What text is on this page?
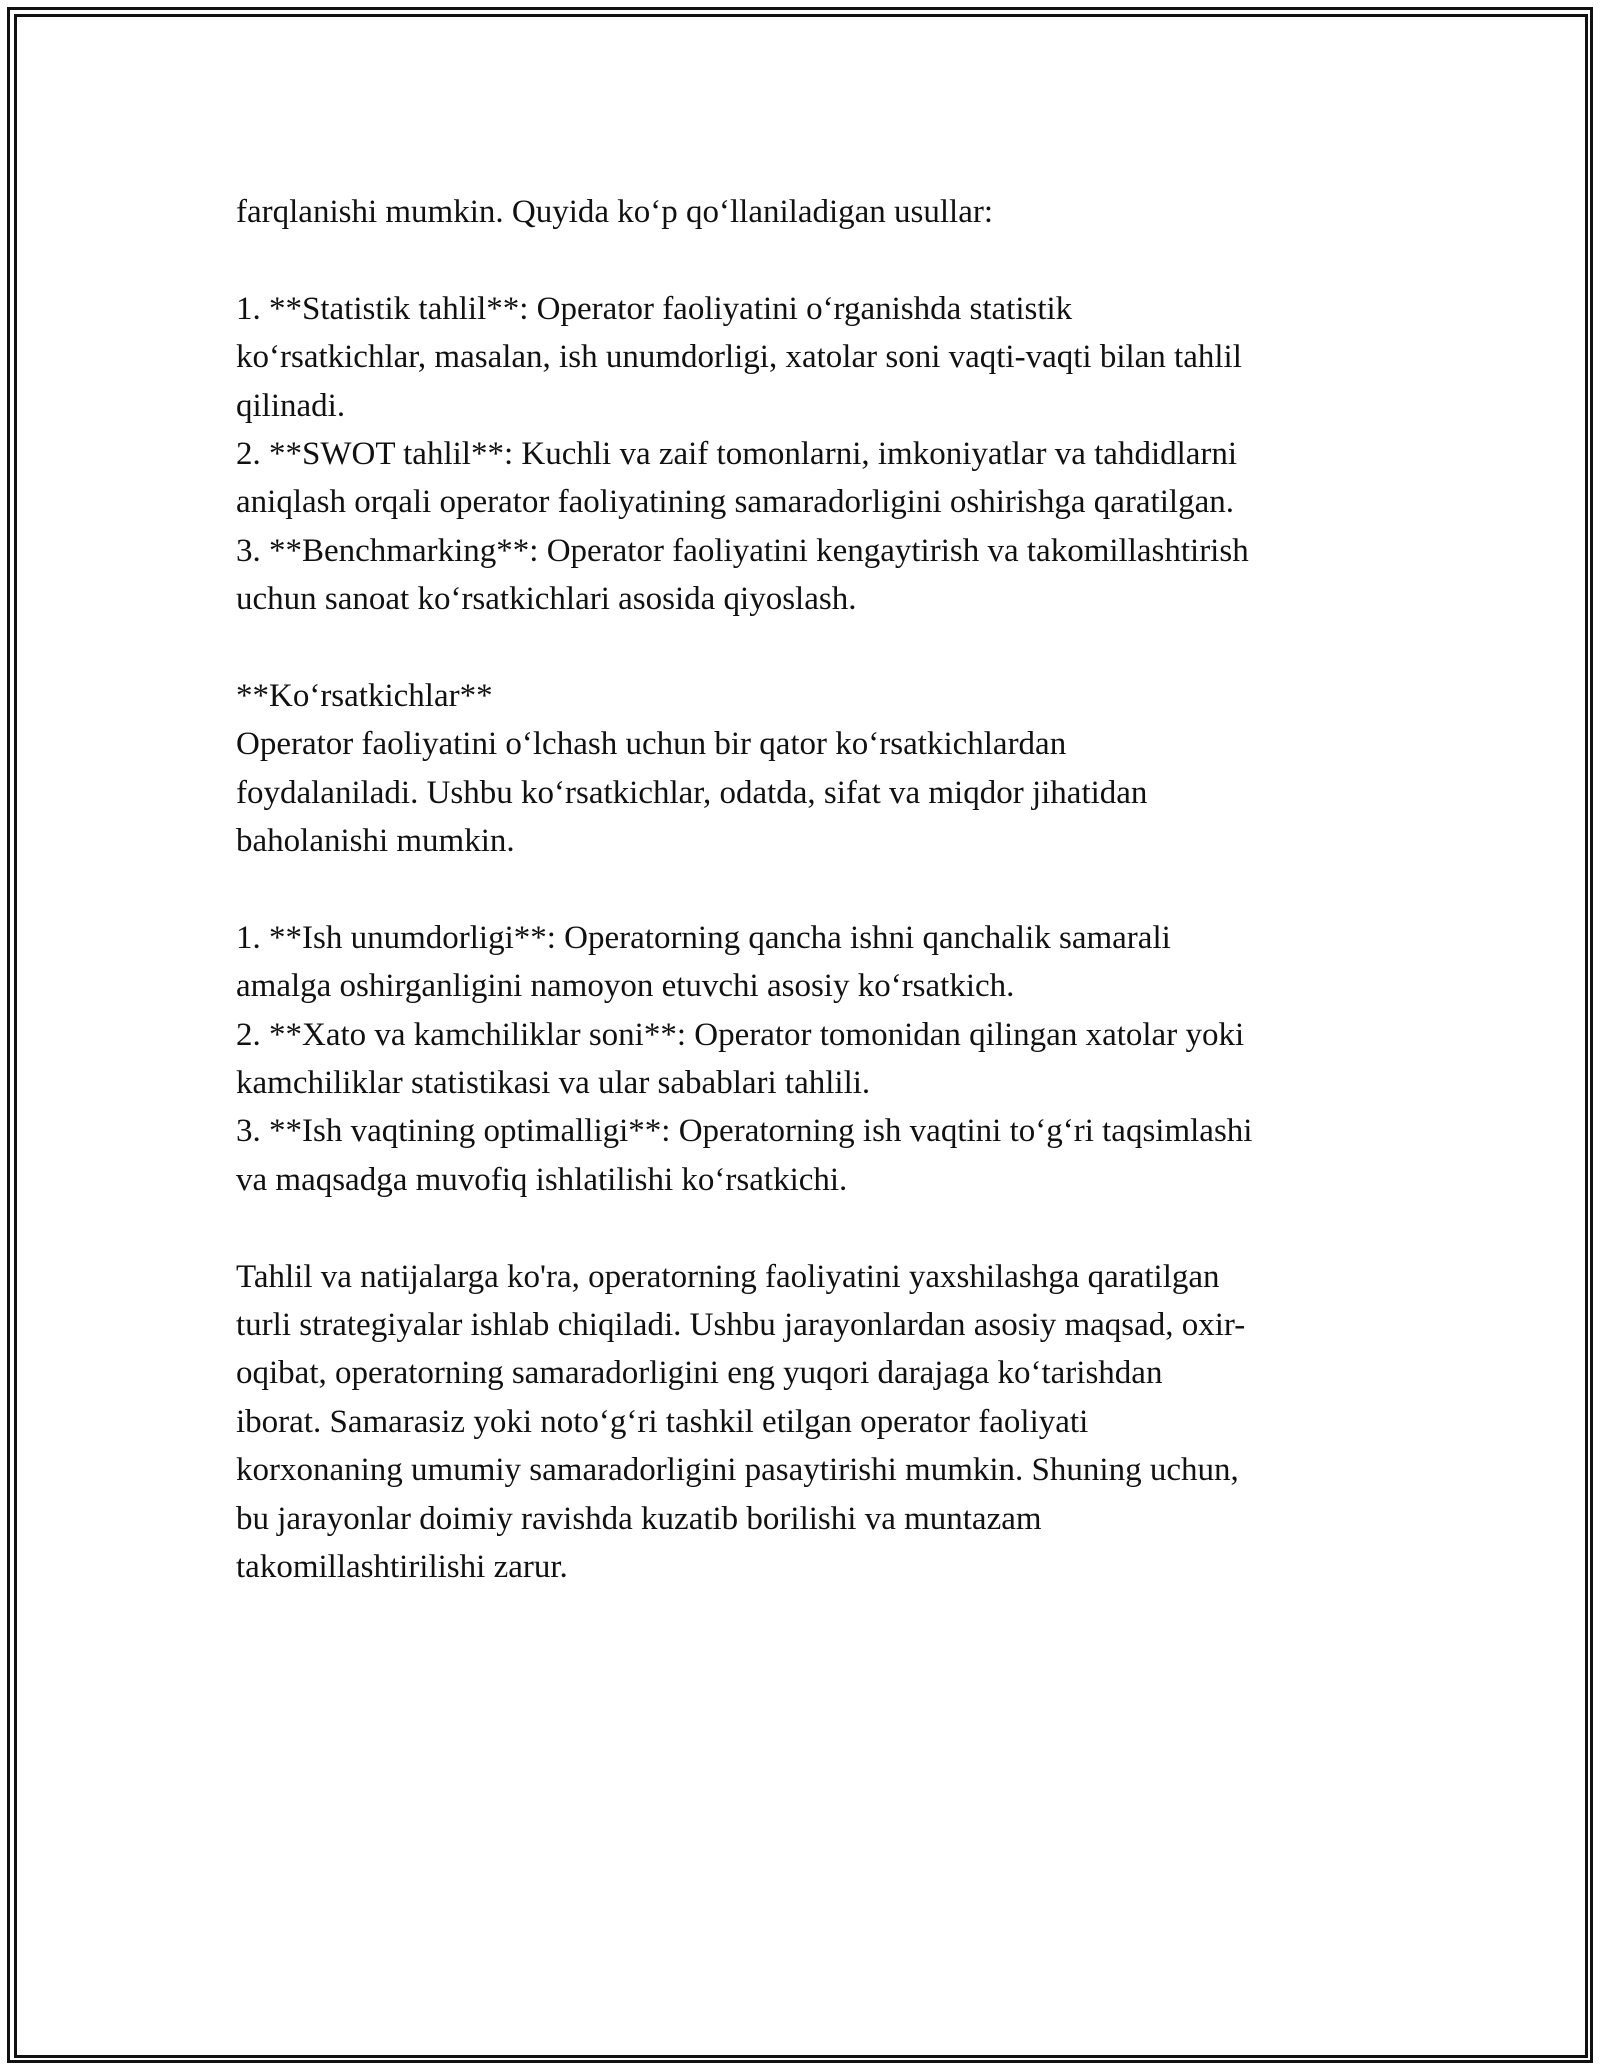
farqlanishi mumkin. Quyida ko‘p qo‘llaniladigan usullar:

1. **Statistik tahlil**: Operator faoliyatini o‘rganishda statistik

ko‘rsatkichlar, masalan, ish unumdorligi, xatolar soni vaqti-vaqti bilan tahlil

qilinadi.

2. **SWOT tahlil**: Kuchli va zaif tomonlarni, imkoniyatlar va tahdidlarni

aniqlash orqali operator faoliyatining samaradorligini oshirishga qaratilgan.

3. **Benchmarking**: Operator faoliyatini kengaytirish va takomillashtirish

uchun sanoat ko‘rsatkichlari asosida qiyoslash.

**Ko‘rsatkichlar**

Operator faoliyatini o‘lchash uchun bir qator ko‘rsatkichlardan

foydalaniladi. Ushbu ko‘rsatkichlar, odatda, sifat va miqdor jihatidan

baholanishi mumkin.

1. **Ish unumdorligi**: Operatorning qancha ishni qanchalik samarali

amalga oshirganligini namoyon etuvchi asosiy ko‘rsatkich.

2. **Xato va kamchiliklar soni**: Operator tomonidan qilingan xatolar yoki

kamchiliklar statistikasi va ular sabablari tahlili.

3. **Ish vaqtining optimalligi**: Operatorning ish vaqtini to‘g‘ri taqsimlashi

va maqsadga muvofiq ishlatilishi ko‘rsatkichi.

Tahlil va natijalarga ko'ra, operatorning faoliyatini yaxshilashga qaratilgan

turli strategiyalar ishlab chiqiladi. Ushbu jarayonlardan asosiy maqsad, oxir-

oqibat, operatorning samaradorligini eng yuqori darajaga ko‘tarishdan

iborat. Samarasiz yoki noto‘g‘ri tashkil etilgan operator faoliyati

korxonaning umumiy samaradorligini pasaytirishi mumkin. Shuning uchun,

bu jarayonlar doimiy ravishda kuzatib borilishi va muntazam

takomillashtirilishi zarur.
